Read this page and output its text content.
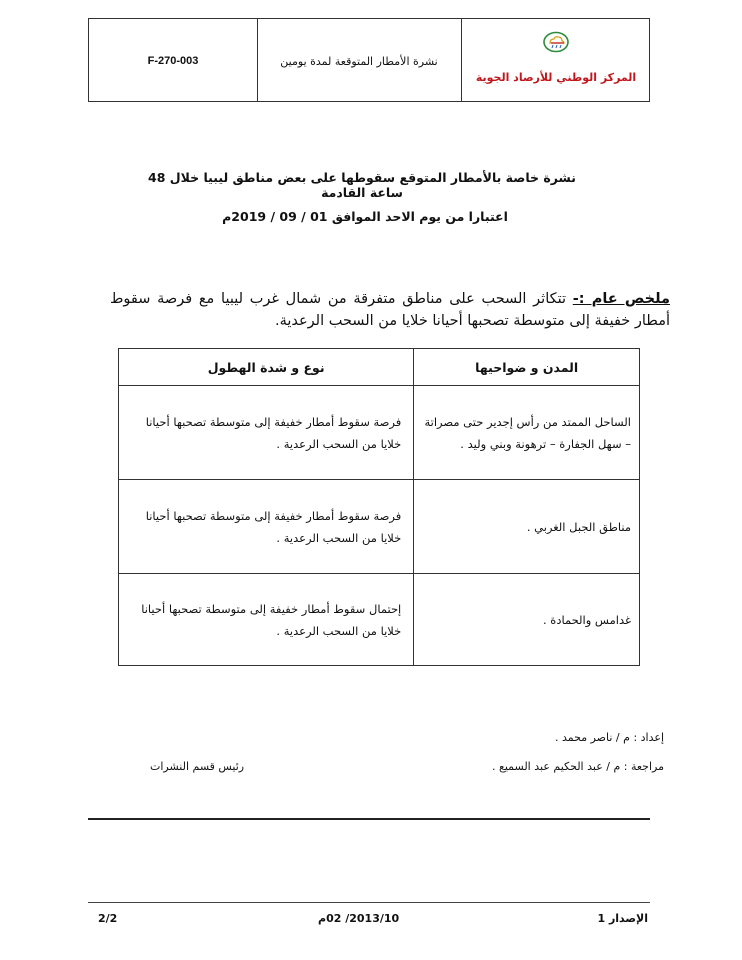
F-270-003	نشرة الأمطار المتوقعة لمدة يومين
المركز الوطني للأرصاد الجوية
نشرة خاصة بالأمطار المتوقع سقوطها على بعض مناطق ليبيا خلال 48 ساعة القادمة
اعتبارا من يوم الاحد الموافق 01 / 09 / 2019م
ملخص عام :- تتكاثر السحب على مناطق متفرقة من شمال غرب ليبيا مع فرصة سقوط أمطار خفيفة إلى متوسطة تصحبها أحيانا خلايا من السحب الرعدية.
المدن و ضواحيها	نوع و شدة الهطول

الساحل الممتد من رأس إجدير حتى مصراتة – سهل الجفارة – ترهونة وبني وليد .	فرصة سقوط أمطار خفيفة إلى متوسطة تصحبها أحيانا خلايا من السحب الرعدية .

مناطق الجبل الغربي .	فرصة سقوط أمطار خفيفة إلى متوسطة تصحبها أحيانا خلايا من السحب الرعدية .

غدامس والحمادة .	إحتمال سقوط أمطار خفيفة إلى متوسطة تصحبها أحيانا خلايا من السحب الرعدية .
إعداد : م / ناصر محمد .
مراجعة : م / عبد الحكيم عبد السميع .
رئيس قسم النشرات
الإصدار 1
2013/10/ 02م
2/2
